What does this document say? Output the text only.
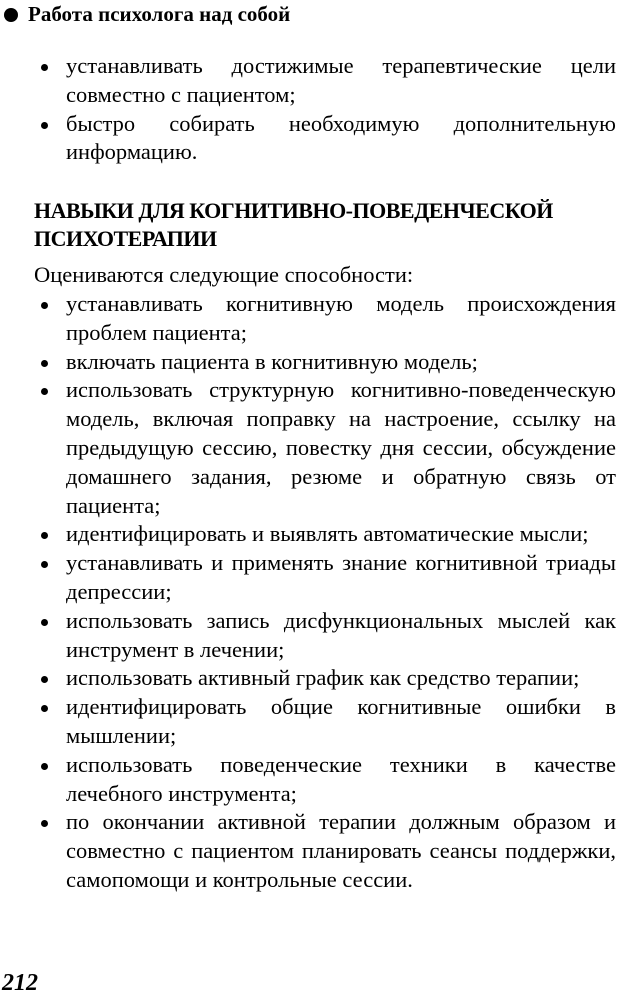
Работа психолога над собой
устанавливать достижимые терапевтические цели совместно с пациентом;
быстро собирать необходимую дополнительную информацию.
НАВЫКИ ДЛЯ КОГНИТИВНО-ПОВЕДЕНЧЕСКОЙ ПСИХОТЕРАПИИ

Оцениваются следующие способности:

устанавливать когнитивную модель происхождения проблем пациента;
включать пациента в когнитивную модель;
использовать структурную когнитивно-поведенческую модель, включая поправку на настроение, ссылку на предыдущую сессию, повестку дня сессии, обсуждение домашнего задания, резюме и обратную связь от пациента;
идентифицировать и выявлять автоматические мысли;
устанавливать и применять знание когнитивной триады депрессии;
использовать запись дисфункциональных мыслей как инструмент в лечении;
использовать активный график как средство терапии;
идентифицировать общие когнитивные ошибки в мышлении;
использовать поведенческие техники в качестве лечебного инструмента;
по окончании активной терапии должным образом и совместно с пациентом планировать сеансы поддержки, самопомощи и контрольные сессии.
212
